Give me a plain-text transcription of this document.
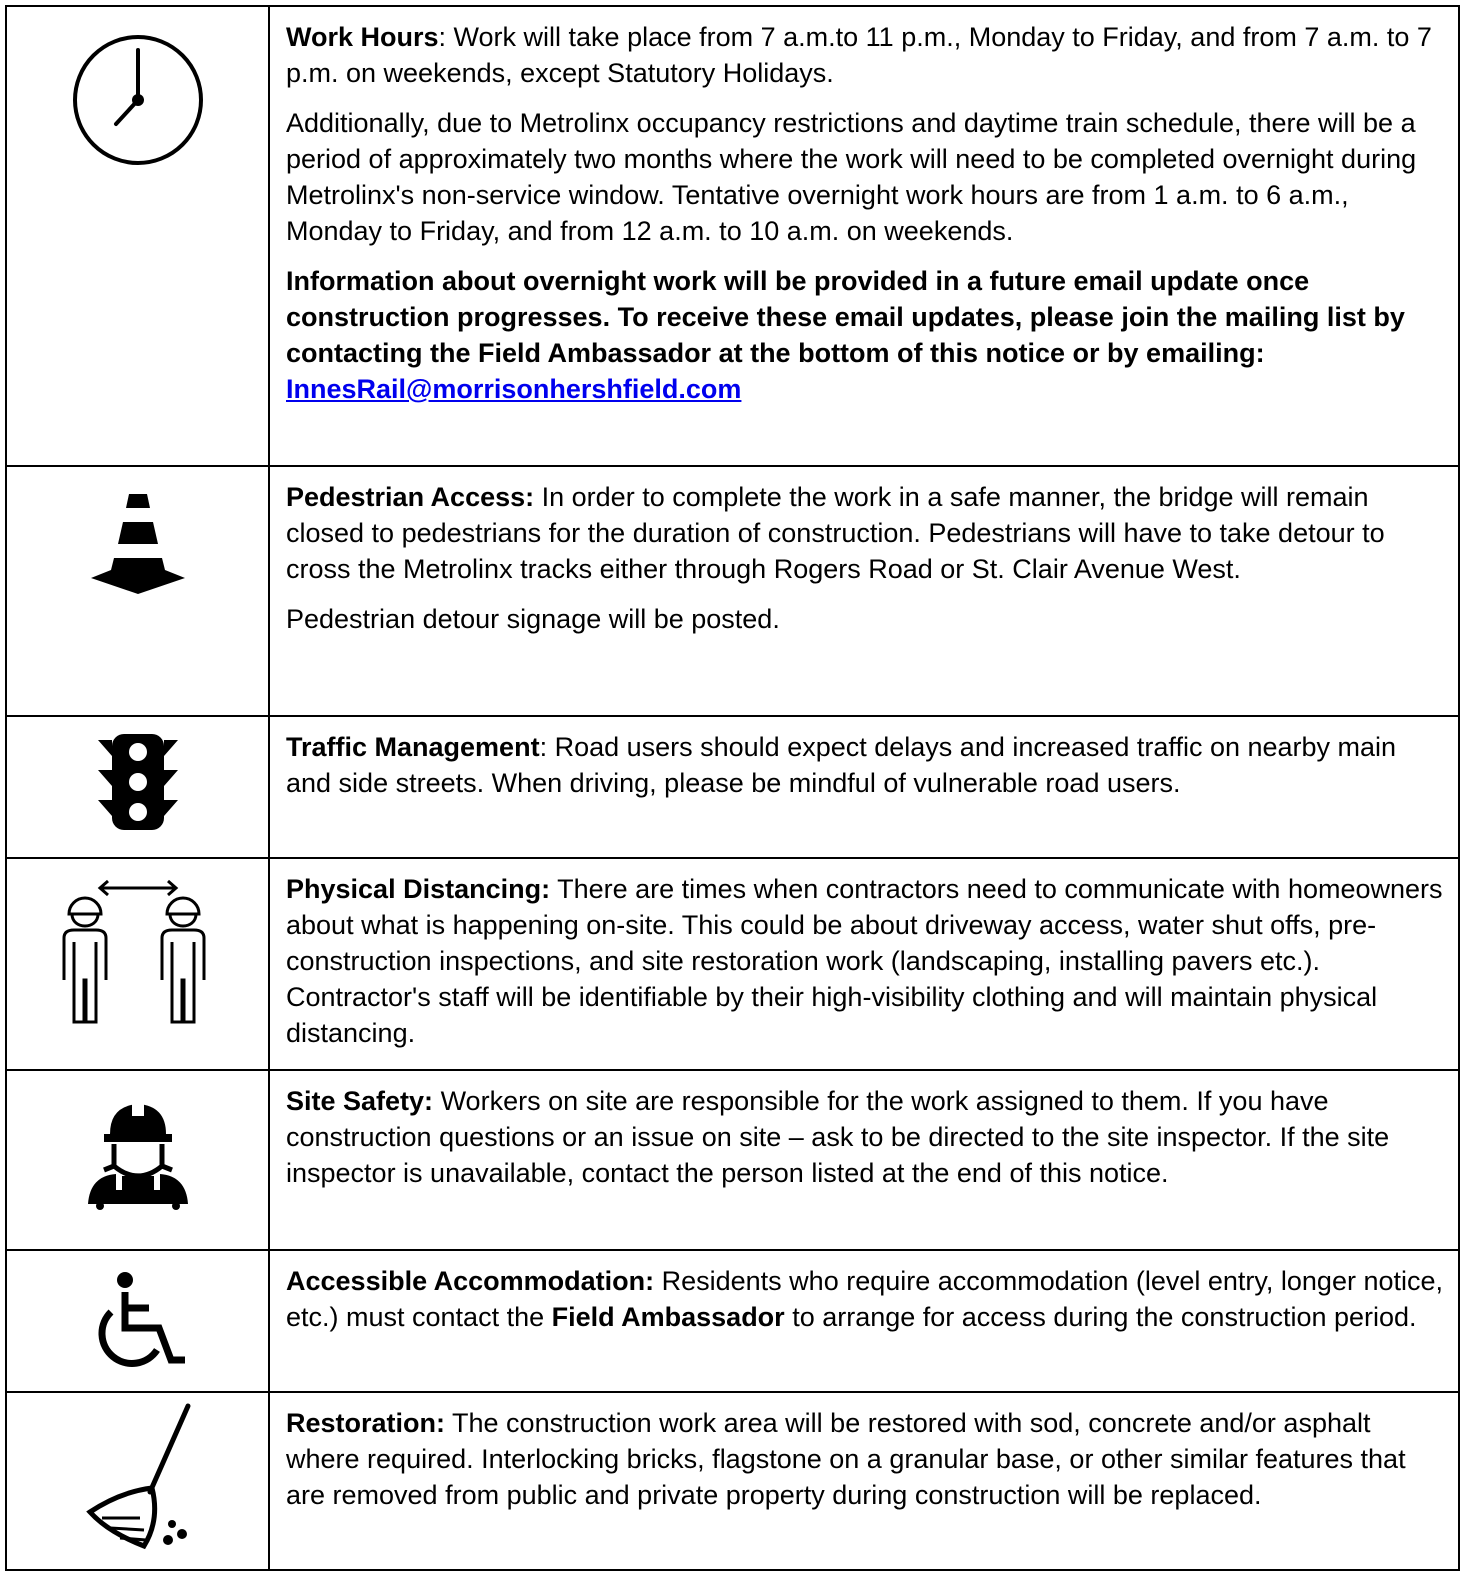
Work Hours: Work will take place from 7 a.m.to 11 p.m., Monday to Friday, and from 7 a.m. to 7 p.m. on weekends, except Statutory Holidays.

Additionally, due to Metrolinx occupancy restrictions and daytime train schedule, there will be a period of approximately two months where the work will need to be completed overnight during Metrolinx's non-service window. Tentative overnight work hours are from 1 a.m. to 6 a.m., Monday to Friday, and from 12 a.m. to 10 a.m. on weekends.

Information about overnight work will be provided in a future email update once construction progresses. To receive these email updates, please join the mailing list by contacting the Field Ambassador at the bottom of this notice or by emailing: InnesRail@morrisonhershfield.com

Pedestrian Access: In order to complete the work in a safe manner, the bridge will remain closed to pedestrians for the duration of construction. Pedestrians will have to take detour to cross the Metrolinx tracks either through Rogers Road or St. Clair Avenue West.

Pedestrian detour signage will be posted.

Traffic Management: Road users should expect delays and increased traffic on nearby main and side streets. When driving, please be mindful of vulnerable road users.

Physical Distancing: There are times when contractors need to communicate with homeowners about what is happening on-site. This could be about driveway access, water shut offs, pre-construction inspections, and site restoration work (landscaping, installing pavers etc.). Contractor's staff will be identifiable by their high-visibility clothing and will maintain physical distancing.

Site Safety: Workers on site are responsible for the work assigned to them. If you have construction questions or an issue on site – ask to be directed to the site inspector. If the site inspector is unavailable, contact the person listed at the end of this notice.

Accessible Accommodation: Residents who require accommodation (level entry, longer notice, etc.) must contact the Field Ambassador to arrange for access during the construction period.

Restoration: The construction work area will be restored with sod, concrete and/or asphalt where required. Interlocking bricks, flagstone on a granular base, or other similar features that are removed from public and private property during construction will be replaced.
